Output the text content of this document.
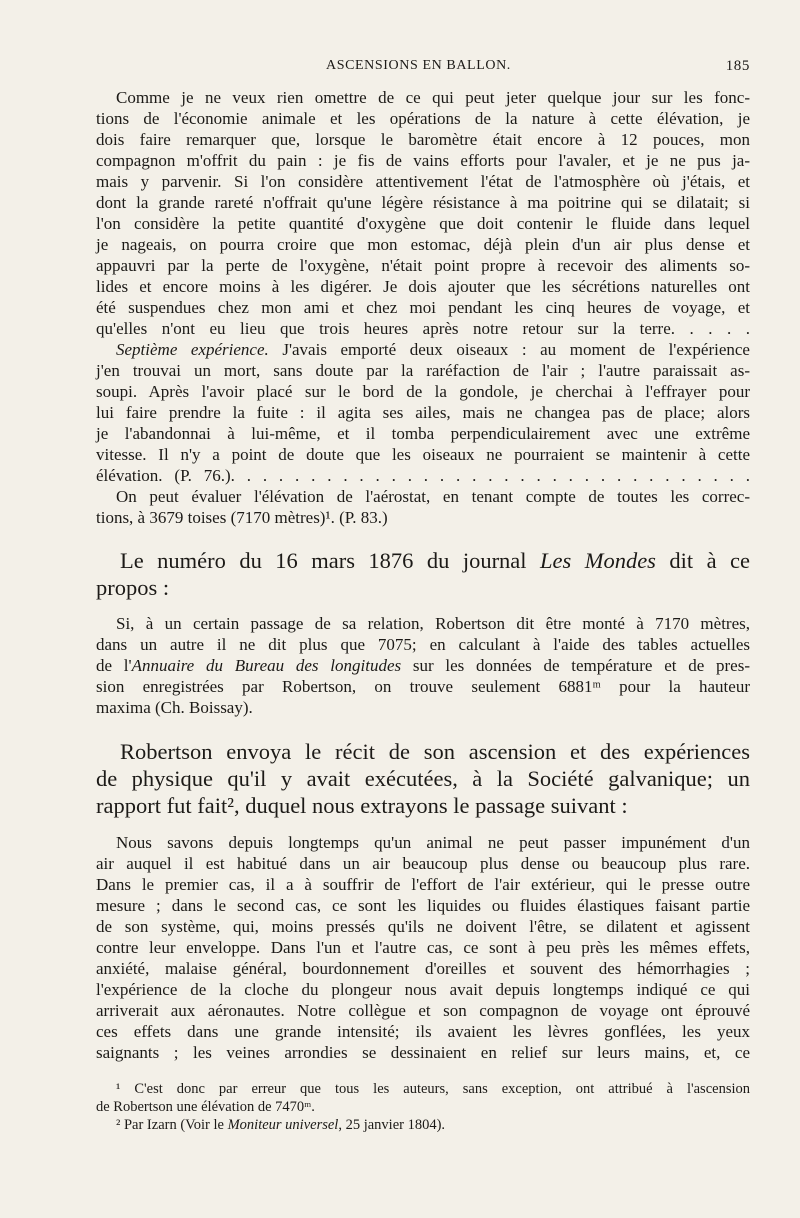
ASCENSIONS EN BALLON.	185
Comme je ne veux rien omettre de ce qui peut jeter quelque jour sur les fonc-
tions de l'économie animale et les opérations de la nature à cette élévation, je
dois faire remarquer que, lorsque le baromètre était encore à 12 pouces, mon
compagnon m'offrit du pain : je fis de vains efforts pour l'avaler, et je ne pus ja-
mais y parvenir. Si l'on considère attentivement l'état de l'atmosphère où j'étais, et
dont la grande rareté n'offrait qu'une légère résistance à ma poitrine qui se dilatait; si
l'on considère la petite quantité d'oxygène que doit contenir le fluide dans lequel
je nageais, on pourra croire que mon estomac, déjà plein d'un air plus dense et
appauvri par la perte de l'oxygène, n'était point propre à recevoir des aliments so-
lides et encore moins à les digérer. Je dois ajouter que les sécrétions naturelles ont
été suspendues chez mon ami et chez moi pendant les cinq heures de voyage, et
qu'elles n'ont eu lieu que trois heures après notre retour sur la terre. . . . .
Septième expérience. J'avais emporté deux oiseaux : au moment de l'expérience
j'en trouvai un mort, sans doute par la raréfaction de l'air ; l'autre paraissait as-
soupi. Après l'avoir placé sur le bord de la gondole, je cherchai à l'effrayer pour
lui faire prendre la fuite : il agita ses ailes, mais ne changea pas de place; alors
je l'abandonnai à lui-même, et il tomba perpendiculairement avec une extrême
vitesse. Il n'y a point de doute que les oiseaux ne pourraient se maintenir à cette
élévation. (P. 76.). . . . . . . . . . . . . . . . . . . . . . . . . . . . . . . . .
On peut évaluer l'élévation de l'aérostat, en tenant compte de toutes les correc-
tions, à 3679 toises (7170 mètres)¹. (P. 83.)
Le numéro du 16 mars 1876 du journal Les Mondes dit à ce
propos :
Si, à un certain passage de sa relation, Robertson dit être monté à 7170 mètres,
dans un autre il ne dit plus que 7075; en calculant à l'aide des tables actuelles
de l'Annuaire du Bureau des longitudes sur les données de température et de pres-
sion enregistrées par Robertson, on trouve seulement 6881ᵐ pour la hauteur
maxima (Ch. Boissay).
Robertson envoya le récit de son ascension et des expériences
de physique qu'il y avait exécutées, à la Société galvanique; un
rapport fut fait², duquel nous extrayons le passage suivant :
Nous savons depuis longtemps qu'un animal ne peut passer impunément d'un
air auquel il est habitué dans un air beaucoup plus dense ou beaucoup plus rare.
Dans le premier cas, il a à souffrir de l'effort de l'air extérieur, qui le presse outre
mesure ; dans le second cas, ce sont les liquides ou fluides élastiques faisant partie
de son système, qui, moins pressés qu'ils ne doivent l'être, se dilatent et agissent
contre leur enveloppe. Dans l'un et l'autre cas, ce sont à peu près les mêmes effets,
anxiété, malaise général, bourdonnement d'oreilles et souvent des hémorrhagies ;
l'expérience de la cloche du plongeur nous avait depuis longtemps indiqué ce qui
arriverait aux aéronautes. Notre collègue et son compagnon de voyage ont éprouvé
ces effets dans une grande intensité; ils avaient les lèvres gonflées, les yeux
saignants ; les veines arrondies se dessinaient en relief sur leurs mains, et, ce
¹ C'est donc par erreur que tous les auteurs, sans exception, ont attribué à l'ascension
de Robertson une élévation de 7470ᵐ.
² Par Izarn (Voir le Moniteur universel, 25 janvier 1804).
